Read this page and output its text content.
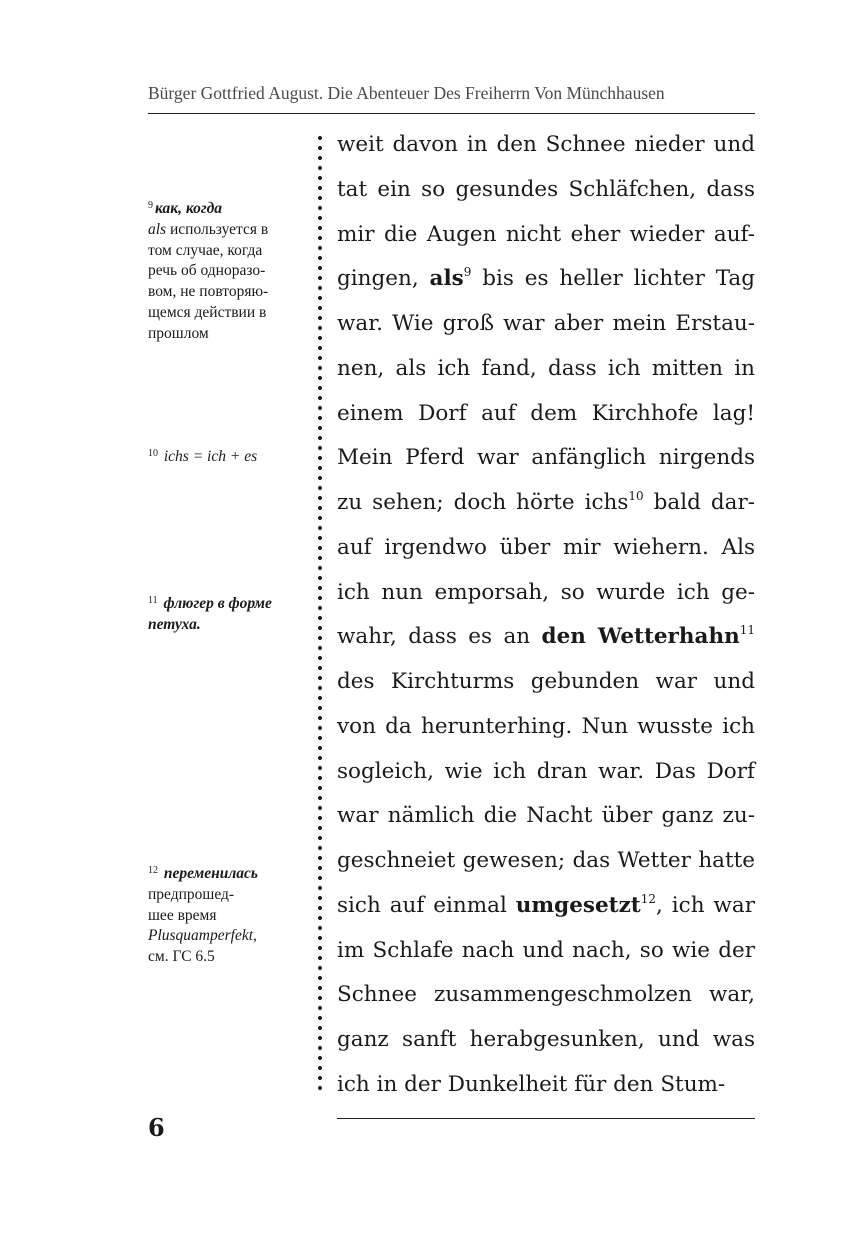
Bürger Gottfried August. Die Abenteuer Des Freiherrn Von Münchhausen
$^9$ как, когда
als используется в
том случае, когда
речь об одноразо-
вом, не повторяю-
щемся действии в
прошлом
$^{10}$ ichs = ich + es
$^{11}$ флюгер в форме
петуха.
$^{12}$ переменилась
предпрошед-
шее время
Plusquamperfekt,
см. ГС 6.5
weit davon in den Schnee nieder und
tat ein so gesundes Schläfchen, dass
mir die Augen nicht eher wieder auf-
gingen, als$^9$ bis es heller lichter Tag
war. Wie groß war aber mein Erstau-
nen, als ich fand, dass ich mitten in
einem Dorf auf dem Kirchhofe lag!
Mein Pferd war anfänglich nirgends
zu sehen; doch hörte ichs$^{10}$ bald dar-
auf irgendwo über mir wiehern. Als
ich nun emporsah, so wurde ich ge-
wahr, dass es an den Wetterhahn$^{11}$
des Kirchturms gebunden war und
von da herunterhing. Nun wusste ich
sogleich, wie ich dran war. Das Dorf
war nämlich die Nacht über ganz zu-
geschneiet gewesen; das Wetter hatte
sich auf einmal umgesetzt$^{12}$, ich war
im Schlafe nach und nach, so wie der
Schnee zusammengeschmolzen war,
ganz sanft herabgesunken, und was
ich in der Dunkelheit für den Stum-
6
